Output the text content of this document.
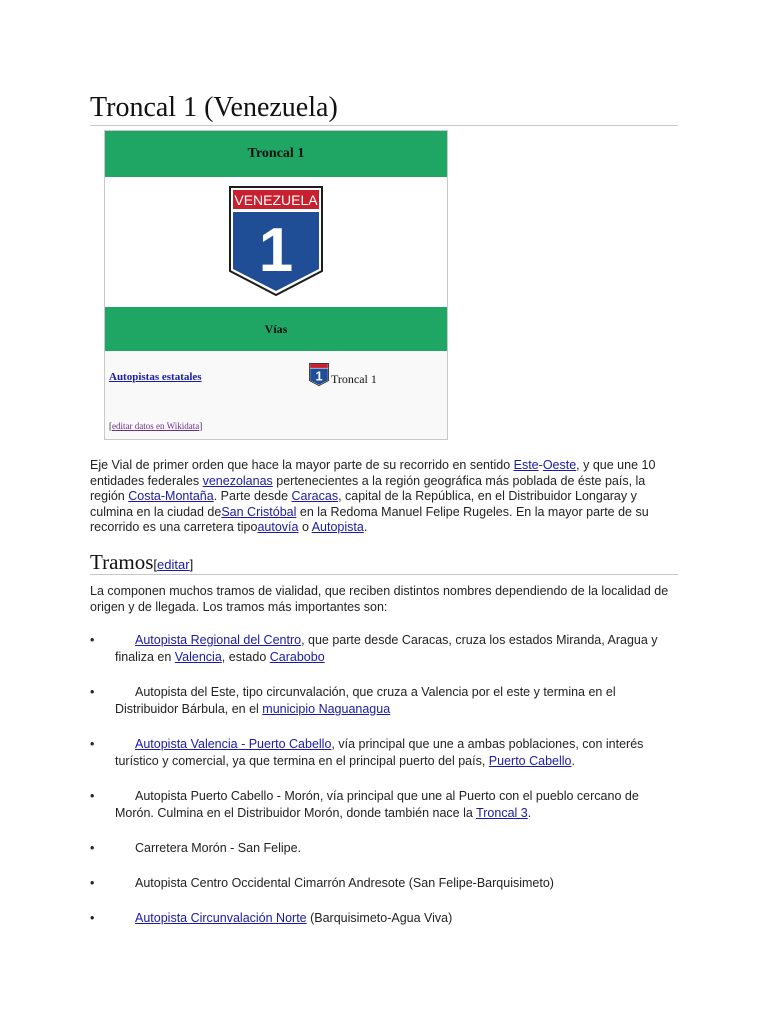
Troncal 1 (Venezuela)
Troncal 1
VENEZUELA
1
Vías
Autopistas estatales 1 Troncal 1
[editar datos en Wikidata]

Eje Vial de primer orden que hace la mayor parte de su recorrido en sentido Este-Oeste, y que une 10 entidades federales venezolanas pertenecientes a la región geográfica más poblada de éste país, la región Costa-Montaña. Parte desde Caracas, capital de la República, en el Distribuidor Longaray y culmina en la ciudad deSan Cristóbal en la Redoma Manuel Felipe Rugeles. En la mayor parte de su recorrido es una carretera tipoautovía o Autopista.

Tramos[editar]

La componen muchos tramos de vialidad, que reciben distintos nombres dependiendo de la localidad de origen y de llegada. Los tramos más importantes son:

•	Autopista Regional del Centro, que parte desde Caracas, cruza los estados Miranda, Aragua y finaliza en Valencia, estado Carabobo

•	Autopista del Este, tipo circunvalación, que cruza a Valencia por el este y termina en el Distribuidor Bárbula, en el municipio Naguanagua

•	Autopista Valencia - Puerto Cabello, vía principal que une a ambas poblaciones, con interés turístico y comercial, ya que termina en el principal puerto del país, Puerto Cabello.

•	Autopista Puerto Cabello - Morón, vía principal que une al Puerto con el pueblo cercano de Morón. Culmina en el Distribuidor Morón, donde también nace la Troncal 3.

•	Carretera Morón - San Felipe.

•	Autopista Centro Occidental Cimarrón Andresote (San Felipe-Barquisimeto)

•	Autopista Circunvalación Norte (Barquisimeto-Agua Viva)
